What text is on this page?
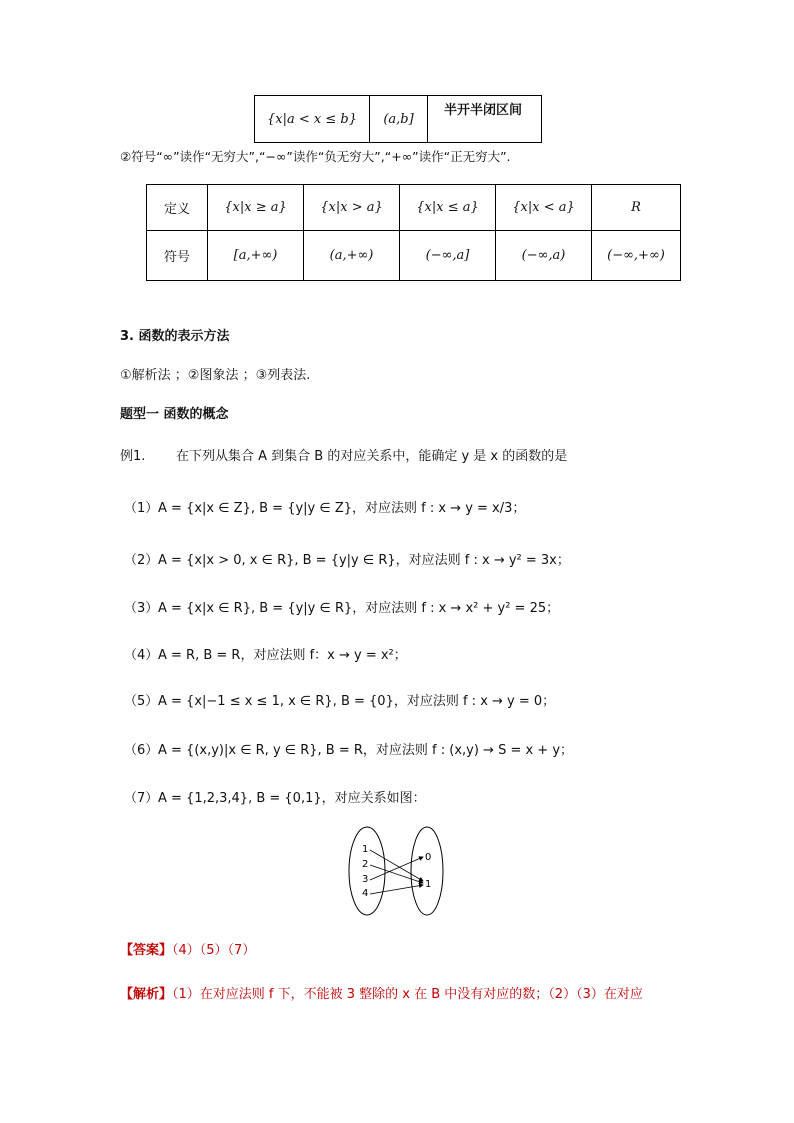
{x|a < x ≤ b}	(a,b]	半开半闭区间
②符号“∞”读作“无穷大”,“−∞”读作“负无穷大”,“+∞”读作“正无穷大”.
定义	{x|x ≥ a}	{x|x > a}	{x|x ≤ a}	{x|x < a}	R
符号	[a,+∞)	(a,+∞)	(−∞,a]	(−∞,a)	(−∞,+∞)
3. 函数的表示方法
①解析法 ；②图象法 ；③列表法.
题型一 函数的概念
例1. 在下列从集合 A 到集合 B 的对应关系中，能确定 y 是 x 的函数的是
（1） A = {x|x ∈ Z}, B = {y|y ∈ Z}，对应法则 f : x → y = x/3；
（2） A = {x|x > 0, x ∈ R}, B = {y|y ∈ R}，对应法则 f : x → y² = 3x；
（3） A = {x|x ∈ R}, B = {y|y ∈ R}，对应法则 f : x → x² + y² = 25；
（4） A = R, B = R，对应法则 f：x → y = x²；
（5） A = {x|−1 ≤ x ≤ 1, x ∈ R}, B = {0}，对应法则 f : x → y = 0；
（6） A = {(x,y)|x ∈ R, y ∈ R}, B = R，对应法则 f : (x,y) → S = x + y；
（7） A = {1,2,3,4}, B = {0,1}，对应关系如图：
1
2
3
4
0
1
【答案】（4）（5）（7）
【解析】（1）在对应法则 f 下，不能被 3 整除的 x 在 B 中没有对应的数；（2）（3）在对应
